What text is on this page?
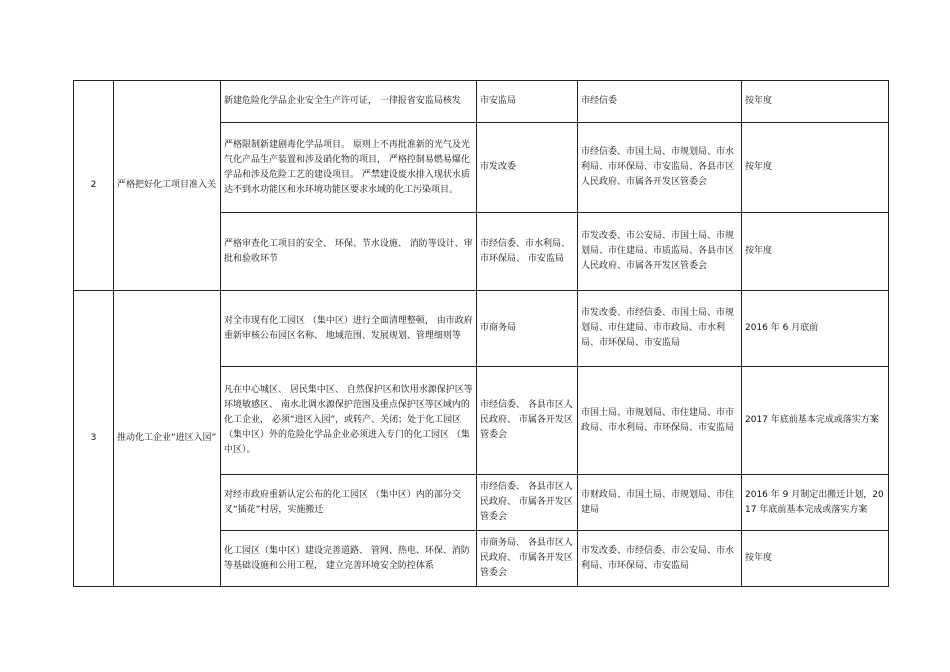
2	严格把好化工项目准入关	新建危险化学品企业安全生产许可证， 一律报省安监局核发	市安监局	市经信委	按年度
		严格限制新建剧毒化学品项目。 原则上不再批准新的光气及光气化产品生产装置和涉及硝化物的项目， 严格控制易燃易爆化学品和涉及危险工艺的建设项目。 严禁建设废水排入现状水质达不到水功能区和水环境功能区要求水域的化工污染项目。	市发改委	市经信委、市国土局、市规划局、市水利局、市环保局、市安监局、各县市区人民政府、市属各开发区管委会	按年度
		严格审查化工项目的安全、 环保、节水设施、 消防等设计、审批和验收环节	市经信委、市水利局、市环保局、 市安监局	市发改委、市公安局、市国土局、市规划局、市住建局、市质监局、各县市区人民政府、市属各开发区管委会	按年度
3	推动化工企业“进区入园”	对全市现有化工园区 （集中区）进行全面清理整顿， 由市政府重新审核公布园区名称、 地域范围、发展规划、管理细则等	市商务局	市发改委、市经信委、市国土局、市规划局、市住建局、市市政局、市水利局、市环保局、市安监局	2016 年 6 月底前
		凡在中心城区、 居民集中区、 自然保护区和饮用水源保护区等环境敏感区、 南水北调水源保护范围及重点保护区等区域内的化工企业， 必须“进区入园”，或转产、关闭；处于化工园区 （集中区）外的危险化学品企业必须进入专门的化工园区 （集中区）。	市经信委、 各县市区人民政府、 市属各开发区管委会	市国土局、市规划局、市住建局、市市政局、市水利局、市环保局、市安监局	2017 年底前基本完成或落实方案
		对经市政府重新认定公布的化工园区 （集中区）内的部分交叉“插花”村居，实施搬迁	市经信委、 各县市区人民政府、 市属各开发区管委会	市财政局、市国土局、市规划局、市住建局	2016 年 9 月制定出搬迁计划，2017 年底前基本完成或落实方案
		化工园区（集中区）建设完善道路、 管网、热电、环保、消防等基础设施和公用工程， 建立完善环境安全防控体系	市商务局、 各县市区人民政府、 市属各开发区管委会	市发改委、市经信委、市公安局、市水利局、市环保局、市安监局	按年度
